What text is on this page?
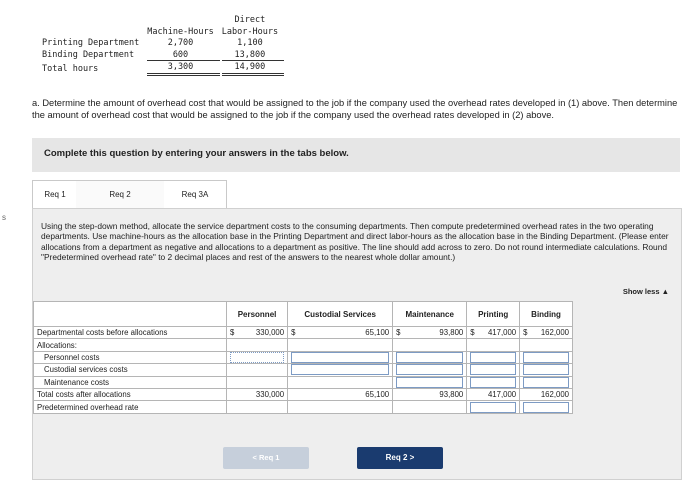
s
		Direct
	Machine-Hours	Labor-Hours
Printing Department	2,700	1,100
Binding Department	600	13,800
Total hours	3,300	14,900
a. Determine the amount of overhead cost that would be assigned to the job if the company used the overhead rates developed in (1) above. Then determine the amount of overhead cost that would be assigned to the job if the company used the overhead rates developed in (2) above.
Complete this question by entering your answers in the tabs below.
Req 1	Req 2	Req 3A
Using the step-down method, allocate the service department costs to the consuming departments. Then compute predetermined overhead rates in the two operating departments. Use machine-hours as the allocation base in the Printing Department and direct labor-hours as the allocation base in the Binding Department. (Please enter allocations from a department as negative and allocations to a department as positive. The line should add across to zero. Do not round intermediate calculations. Round "Predetermined overhead rate" to 2 decimal places and rest of the answers to the nearest whole dollar amount.)
Show less ▲
	Personnel	Custodial Services	Maintenance	Printing	Binding
Departmental costs before allocations	$ 330,000	$ 65,100	$ 93,800	$ 417,000	$ 162,000
Allocations:					
Personnel costs	

Custodial services costs		

Maintenance costs			

Total costs after allocations	330,000	65,100	93,800	417,000	162,000
Predetermined overhead rate				

< Req 1	Req 2 >
